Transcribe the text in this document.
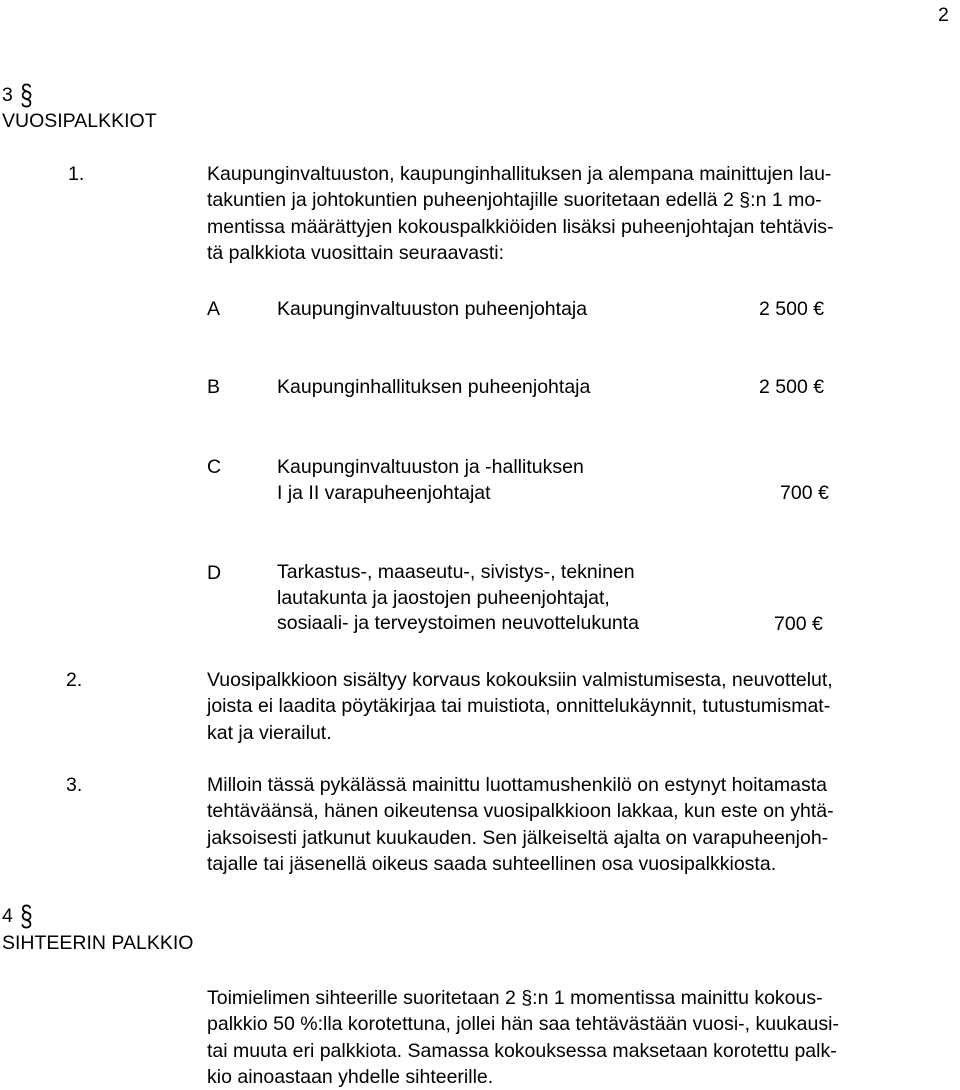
2
3 §
VUOSIPALKKIOT
1.	Kaupunginvaltuuston, kaupunginhallituksen ja alempana mainittujen lau-
takuntien ja johtokuntien puheenjohtajille suoritetaan edellä 2 §:n 1 mo-
mentissa määrättyjen kokouspalkkiöiden lisäksi puheenjohtajan tehtävis-
tä palkkiota vuosittain seuraavasti:
A	Kaupunginvaltuuston puheenjohtaja	2 500 €
B	Kaupunginhallituksen puheenjohtaja	2 500 €
C	Kaupunginvaltuuston ja -hallituksen
I ja II varapuheenjohtajat	700 €
D	Tarkastus-, maaseutu-, sivistys-, tekninen
lautakunta ja jaostojen puheenjohtajat,
sosiaali- ja terveystoimen neuvottelukunta	700 €
2.	Vuosipalkkioon sisältyy korvaus kokouksiin valmistumisesta, neuvottelut,
joista ei laadita pöytäkirjaa tai muistiota, onnittelukäynnit, tutustumismat-
kat ja vierailut.
3.	Milloin tässä pykälässä mainittu luottamushenkilö on estynyt hoitamasta
tehtäväänsä, hänen oikeutensa vuosipalkkioon lakkaa, kun este on yhtä-
jaksoisesti jatkunut kuukauden. Sen jälkeiseltä ajalta on varapuheenjoh-
tajalle tai jäsenellä oikeus saada suhteellinen osa vuosipalkkiosta.
4 §
SIHTEERIN PALKKIO
Toimielimen sihteerille suoritetaan 2 §:n 1 momentissa mainittu kokous-
palkkio 50 %:lla korotettuna, jollei hän saa tehtävästään vuosi-, kuukausi-
tai muuta eri palkkiota. Samassa kokouksessa maksetaan korotettu palk-
kio ainoastaan yhdelle sihteerille.
